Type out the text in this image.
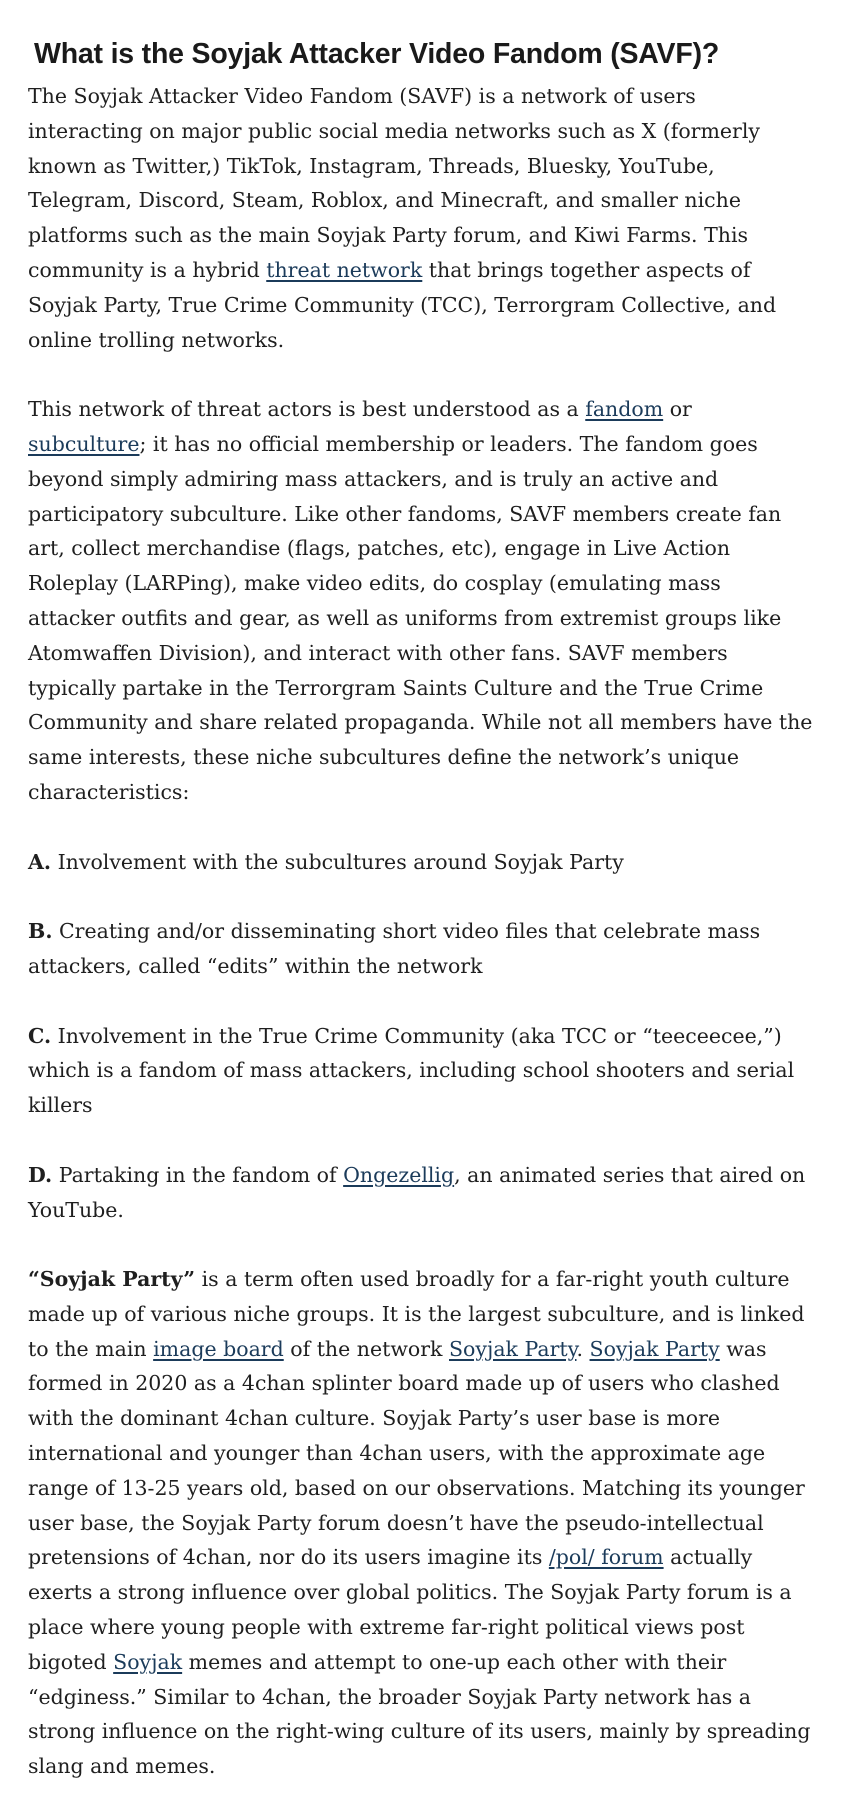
What is the Soyjak Attacker Video Fandom (SAVF)?

The Soyjak Attacker Video Fandom (SAVF) is a network of users interacting on major public social media networks such as X (formerly known as Twitter,) TikTok, Instagram, Threads, Bluesky, YouTube, Telegram, Discord, Steam, Roblox, and Minecraft, and smaller niche platforms such as the main Soyjak Party forum, and Kiwi Farms. This community is a hybrid threat network that brings together aspects of Soyjak Party, True Crime Community (TCC), Terrorgram Collective, and online trolling networks.

This network of threat actors is best understood as a fandom or subculture; it has no official membership or leaders. The fandom goes beyond simply admiring mass attackers, and is truly an active and participatory subculture. Like other fandoms, SAVF members create fan art, collect merchandise (flags, patches, etc), engage in Live Action Roleplay (LARPing), make video edits, do cosplay (emulating mass attacker outfits and gear, as well as uniforms from extremist groups like Atomwaffen Division), and interact with other fans. SAVF members typically partake in the Terrorgram Saints Culture and the True Crime Community and share related propaganda. While not all members have the same interests, these niche subcultures define the network’s unique characteristics:

A. Involvement with the subcultures around Soyjak Party

B. Creating and/or disseminating short video files that celebrate mass attackers, called “edits” within the network

C. Involvement in the True Crime Community (aka TCC or “teeceecee,”) which is a fandom of mass attackers, including school shooters and serial killers

D. Partaking in the fandom of Ongezellig, an animated series that aired on YouTube.

“Soyjak Party” is a term often used broadly for a far-right youth culture made up of various niche groups. It is the largest subculture, and is linked to the main image board of the network Soyjak Party. Soyjak Party was formed in 2020 as a 4chan splinter board made up of users who clashed with the dominant 4chan culture. Soyjak Party’s user base is more international and younger than 4chan users, with the approximate age range of 13-25 years old, based on our observations. Matching its younger user base, the Soyjak Party forum doesn’t have the pseudo-intellectual pretensions of 4chan, nor do its users imagine its /pol/ forum actually exerts a strong influence over global politics. The Soyjak Party forum is a place where young people with extreme far-right political views post bigoted Soyjak memes and attempt to one-up each other with their “edginess.” Similar to 4chan, the broader Soyjak Party network has a strong influence on the right-wing culture of its users, mainly by spreading slang and memes.
